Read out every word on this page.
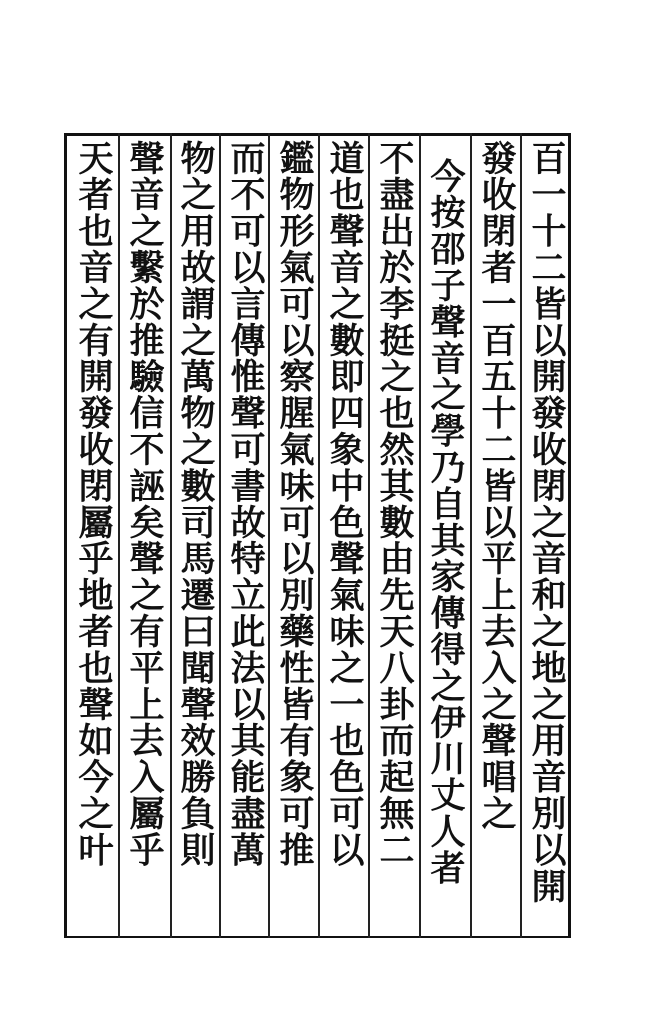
百一十二皆以開發收閉之音和之地之用音別以開
發收閉者一百五十二皆以平上去入之聲唱之
今按邵子聲音之學乃自其家傳得之伊川丈人者
不盡出於李挺之也然其數由先天八卦而起無二
道也聲音之數即四象中色聲氣味之一也色可以
鑑物形氣可以察腥氣味可以別藥性皆有象可推
而不可以言傳惟聲可書故特立此法以其能盡萬
物之用故謂之萬物之數司馬遷曰聞聲效勝負則
聲音之繫於推驗信不誣矣聲之有平上去入屬乎
天者也音之有開發收閉屬乎地者也聲如今之叶
